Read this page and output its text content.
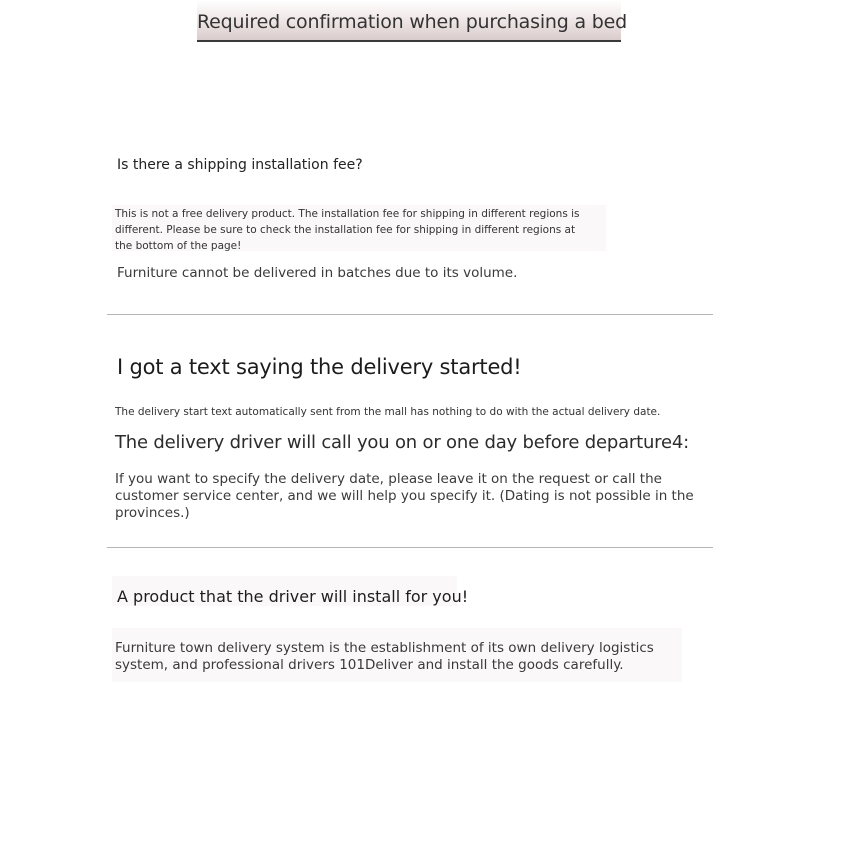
Required confirmation when purchasing a bed
Is there a shipping installation fee?
This is not a free delivery product. The installation fee for shipping in different regions is different. Please be sure to check the installation fee for shipping in different regions at the bottom of the page!
Furniture cannot be delivered in batches due to its volume.
I got a text saying the delivery started!
The delivery start text automatically sent from the mall has nothing to do with the actual delivery date.
The delivery driver will call you on or one day before departure4:
If you want to specify the delivery date, please leave it on the request or call the customer service center, and we will help you specify it. (Dating is not possible in the provinces.)
A product that the driver will install for you!
Furniture town delivery system is the establishment of its own delivery logistics system, and professional drivers 101Deliver and install the goods carefully.
